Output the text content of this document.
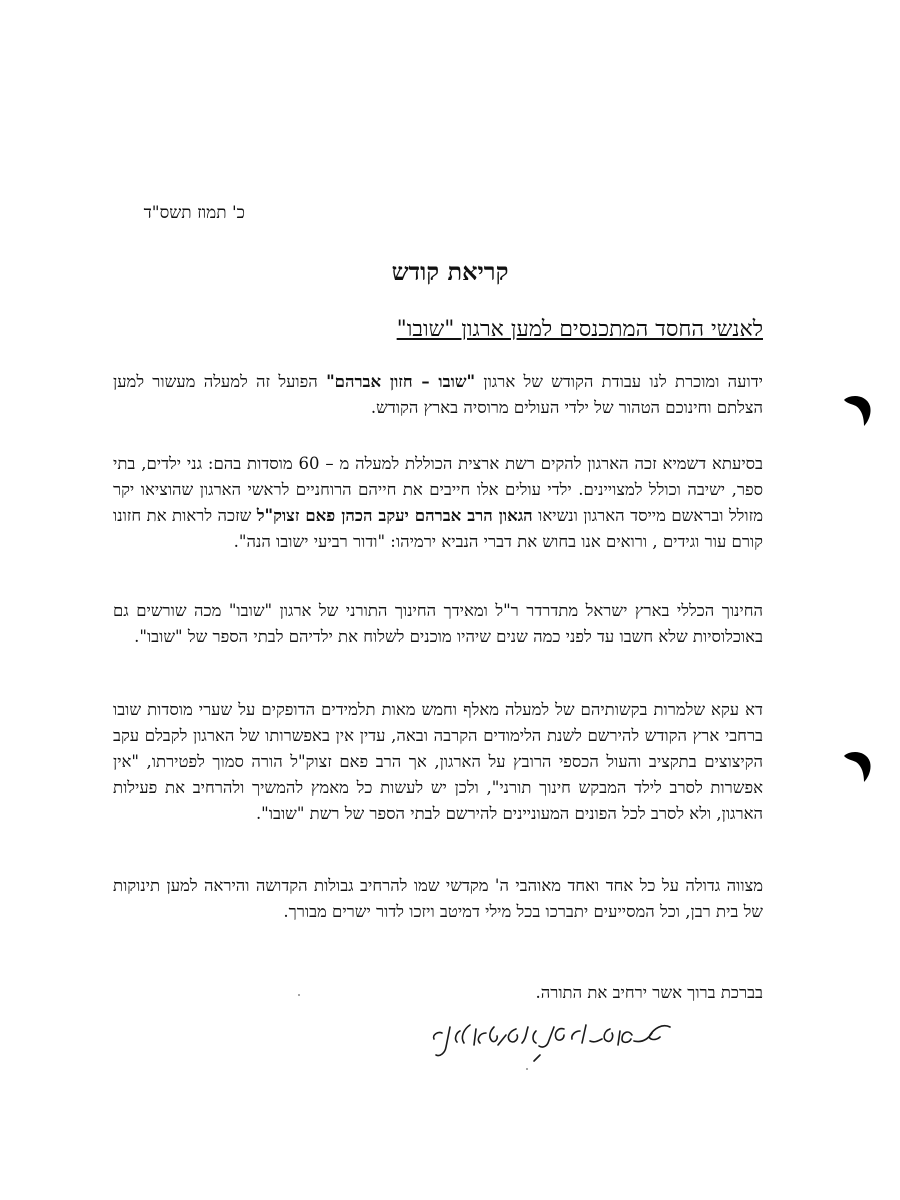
כ' תמוז תשס"ד
קריאת קודש
לאנשי החסד המתכנסים למען ארגון "שובו"
ידועה ומוכרת לנו עבודת הקודש של ארגון "שובו – חזון אברהם" הפועל זה למעלה מעשור למען הצלתם וחינוכם הטהור של ילדי העולים מרוסיה בארץ הקודש.
בסיעתא דשמיא זכה הארגון להקים רשת ארצית הכוללת למעלה מ – 60 מוסדות בהם: גני ילדים, בתי ספר, ישיבה וכולל למצויינים. ילדי עולים אלו חייבים את חייהם הרוחניים לראשי הארגון שהוציאו יקר מזולל ובראשם מייסד הארגון ונשיאו הגאון הרב אברהם יעקב הכהן פאם זצוק"ל שזכה לראות את חזונו קורם עור וגידים , ורואים אנו בחוש את דברי הנביא ירמיהו: "ודור רביעי ישובו הנה".
החינוך הכללי בארץ ישראל מתדרדר ר"ל ומאידך החינוך התורני של ארגון "שובו" מכה שורשים גם באוכלוסיות שלא חשבו עד לפני כמה שנים שיהיו מוכנים לשלוח את ילדיהם לבתי הספר של "שובו".
דא עקא שלמרות בקשותיהם של למעלה מאלף וחמש מאות תלמידים הדופקים על שערי מוסדות שובו ברחבי ארץ הקודש להירשם לשנת הלימודים הקרבה ובאה, עדין אין באפשרותו של הארגון לקבלם עקב הקיצוצים בתקציב והעול הכספי הרובץ על הארגון, אך הרב פאם זצוק"ל הורה סמוך לפטירתו, "אין אפשרות לסרב לילד המבקש חינוך תורני", ולכן יש לעשות כל מאמץ להמשיך ולהרחיב את פעילות הארגון, ולא לסרב לכל הפונים המעוניינים להירשם לבתי הספר של רשת "שובו".
מצווה גדולה על כל אחד ואחד מאוהבי ה' מקדשי שמו להרחיב גבולות הקדושה והיראה למען תינוקות של בית רבן, וכל המסייעים יתברכו בכל מילי דמיטב ויזכו לדור ישרים מבורך.
בברכת ברוך אשר ירחיב את התורה.
